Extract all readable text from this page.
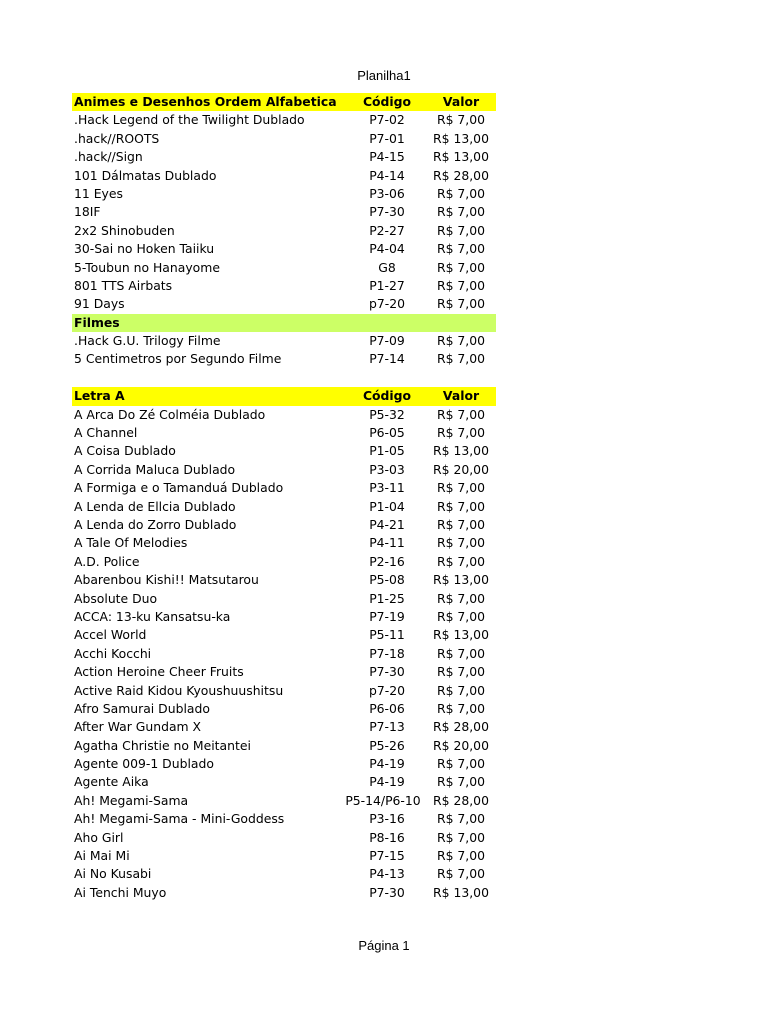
Planilha1
Animes e Desenhos Ordem Alfabetica	Código	Valor
.Hack Legend of the Twilight Dublado	P7-02	R$ 7,00
.hack//ROOTS	P7-01	R$ 13,00
.hack//Sign	P4-15	R$ 13,00
101 Dálmatas Dublado	P4-14	R$ 28,00
11 Eyes	P3-06	R$ 7,00
18IF	P7-30	R$ 7,00
2x2 Shinobuden	P2-27	R$ 7,00
30-Sai no Hoken Taiiku	P4-04	R$ 7,00
5-Toubun no Hanayome	G8	R$ 7,00
801 TTS Airbats	P1-27	R$ 7,00
91 Days	p7-20	R$ 7,00
Filmes
.Hack G.U. Trilogy Filme	P7-09	R$ 7,00
5 Centimetros por Segundo Filme	P7-14	R$ 7,00
Letra A	Código	Valor
A Arca Do Zé Colméia Dublado	P5-32	R$ 7,00
A Channel	P6-05	R$ 7,00
A Coisa Dublado	P1-05	R$ 13,00
A Corrida Maluca Dublado	P3-03	R$ 20,00
A Formiga e o Tamanduá Dublado	P3-11	R$ 7,00
A Lenda de Ellcia Dublado	P1-04	R$ 7,00
A Lenda do Zorro Dublado	P4-21	R$ 7,00
A Tale Of Melodies	P4-11	R$ 7,00
A.D. Police	P2-16	R$ 7,00
Abarenbou Kishi!! Matsutarou	P5-08	R$ 13,00
Absolute Duo	P1-25	R$ 7,00
ACCA: 13-ku Kansatsu-ka	P7-19	R$ 7,00
Accel World	P5-11	R$ 13,00
Acchi Kocchi	P7-18	R$ 7,00
Action Heroine Cheer Fruits	P7-30	R$ 7,00
Active Raid Kidou Kyoushuushitsu	p7-20	R$ 7,00
Afro Samurai Dublado	P6-06	R$ 7,00
After War Gundam X	P7-13	R$ 28,00
Agatha Christie no Meitantei	P5-26	R$ 20,00
Agente 009-1 Dublado	P4-19	R$ 7,00
Agente Aika	P4-19	R$ 7,00
Ah! Megami-Sama	P5-14/P6-10 R$ 28,00
Ah! Megami-Sama - Mini-Goddess	P3-16	R$ 7,00
Aho Girl	P8-16	R$ 7,00
Ai Mai Mi	P7-15	R$ 7,00
Ai No Kusabi	P4-13	R$ 7,00
Ai Tenchi Muyo	P7-30	R$ 13,00
Página 1
